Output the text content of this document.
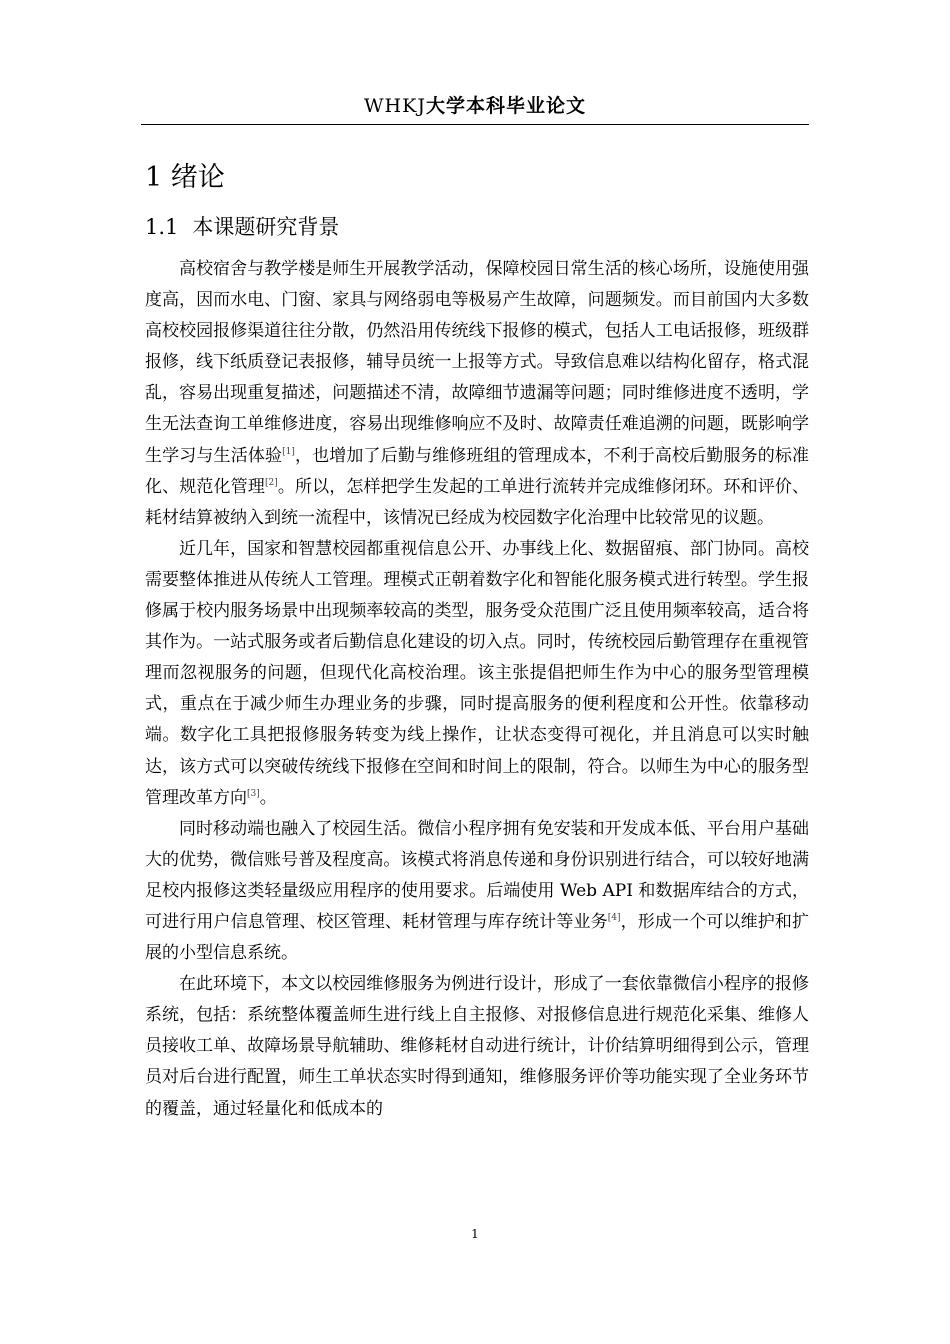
WHKJ大学本科毕业论文
1 绪论
1.1 本课题研究背景

高校宿舍与教学楼是师生开展教学活动，保障校园日常生活的核心场所，设施使用强度高，因而水电、门窗、家具与网络弱电等极易产生故障，问题频发。而目前国内大多数高校校园报修渠道往往分散，仍然沿用传统线下报修的模式，包括人工电话报修，班级群报修，线下纸质登记表报修，辅导员统一上报等方式。导致信息难以结构化留存，格式混乱，容易出现重复描述，问题描述不清，故障细节遗漏等问题；同时维修进度不透明，学生无法查询工单维修进度，容易出现维修响应不及时、故障责任难追溯的问题，既影响学生学习与生活体验[1]，也增加了后勤与维修班组的管理成本，不利于高校后勤服务的标准化、规范化管理[2]。所以，怎样把学生发起的工单进行流转并完成维修闭环。环和评价、耗材结算被纳入到统一流程中，该情况已经成为校园数字化治理中比较常见的议题。

近几年，国家和智慧校园都重视信息公开、办事线上化、数据留痕、部门协同。高校需要整体推进从传统人工管理。理模式正朝着数字化和智能化服务模式进行转型。学生报修属于校内服务场景中出现频率较高的类型，服务受众范围广泛且使用频率较高，适合将其作为。一站式服务或者后勤信息化建设的切入点。同时，传统校园后勤管理存在重视管理而忽视服务的问题，但现代化高校治理。该主张提倡把师生作为中心的服务型管理模式，重点在于减少师生办理业务的步骤，同时提高服务的便利程度和公开性。依靠移动端。数字化工具把报修服务转变为线上操作，让状态变得可视化，并且消息可以实时触达，该方式可以突破传统线下报修在空间和时间上的限制，符合。以师生为中心的服务型管理改革方向[3]。

同时移动端也融入了校园生活。微信小程序拥有免安装和开发成本低、平台用户基础大的优势，微信账号普及程度高。该模式将消息传递和身份识别进行结合，可以较好地满足校内报修这类轻量级应用程序的使用要求。后端使用 Web API 和数据库结合的方式，可进行用户信息管理、校区管理、耗材管理与库存统计等业务[4]，形成一个可以维护和扩展的小型信息系统。

在此环境下，本文以校园维修服务为例进行设计，形成了一套依靠微信小程序的报修系统，包括：系统整体覆盖师生进行线上自主报修、对报修信息进行规范化采集、维修人员接收工单、故障场景导航辅助、维修耗材自动进行统计，计价结算明细得到公示，管理员对后台进行配置，师生工单状态实时得到通知，维修服务评价等功能实现了全业务环节的覆盖，通过轻量化和低成本的

1
